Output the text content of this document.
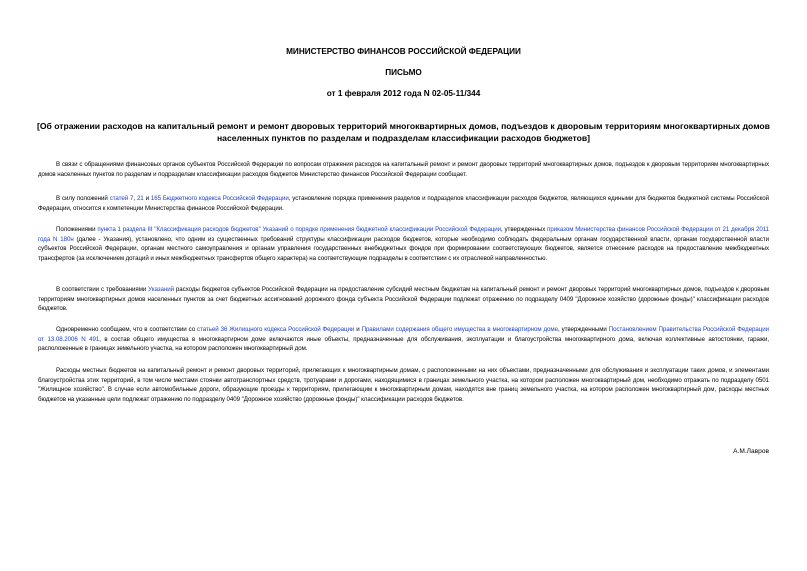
МИНИСТЕРСТВО ФИНАНСОВ РОССИЙСКОЙ ФЕДЕРАЦИИ
ПИСЬМО
от 1 февраля 2012 года N 02-05-11/344

[Об отражении расходов на капитальный ремонт и ремонт дворовых территорий многоквартирных домов, подъездов к дворовым территориям многоквартирных домов населенных пунктов по разделам и подразделам классификации расходов бюджетов]

В связи с обращениями финансовых органов субъектов Российской Федерации по вопросам отражения расходов на капитальный ремонт и ремонт дворовых территорий многоквартирных домов, подъездов к дворовым территориям многоквартирных домов населенных пунктов по разделам и подразделам классификации расходов бюджетов Министерство финансов Российской Федерации сообщает.

В силу положений статей 7, 21 и 165 Бюджетного кодекса Российской Федерации, установление порядка применения разделов и подразделов классификации расходов бюджетов, являющихся едиными для бюджетов бюджетной системы Российской Федерации, относится к компетенции Министерства финансов Российской Федерации.

Положениями пункта 1 раздела III "Классификация расходов бюджетов" Указаний о порядке применения бюджетной классификации Российской Федерации, утвержденных приказом Министерства финансов Российской Федерации от 21 декабря 2011 года N 180н (далее - Указания), установлено, что одним из существенных требований структуры классификации расходов бюджетов, которые необходимо соблюдать федеральным органам государственной власти, органам государственной власти субъектов Российской Федерации, органам местного самоуправления и органам управления государственных внебюджетных фондов при формировании соответствующих бюджетов, является отнесение расходов на предоставление межбюджетных трансфертов (за исключением дотаций и иных межбюджетных трансфертов общего характера) на соответствующие подразделы в соответствии с их отраслевой направленностью.

В соответствии с требованиями Указаний расходы бюджетов субъектов Российской Федерации на предоставление субсидий местным бюджетам на капитальный ремонт и ремонт дворовых территорий многоквартирных домов, подъездов к дворовым территориям многоквартирных домов населенных пунктов за счет бюджетных ассигнований дорожного фонда субъекта Российской Федерации подлежат отражению по подразделу 0409 "Дорожное хозяйство (дорожные фонды)" классификации расходов бюджетов.

Одновременно сообщаем, что в соответствии со статьей 36 Жилищного кодекса Российской Федерации и Правилами содержания общего имущества в многоквартирном доме, утвержденными Постановлением Правительства Российской Федерации от 13.08.2006 N 491, в состав общего имущества в многоквартирном доме включаются иные объекты, предназначенные для обслуживания, эксплуатации и благоустройства многоквартирного дома, включая коллективные автостоянки, гаражи, расположенные в границах земельного участка, на котором расположен многоквартирный дом.

Расходы местных бюджетов на капитальный ремонт и ремонт дворовых территорий, прилегающих к многоквартирным домам, с расположенными на них объектами, предназначенными для обслуживания и эксплуатации таких домов, и элементами благоустройства этих территорий, в том числе местами стоянки автотранспортных средств, тротуарами и дорогами, находящимися в границах земельного участка, на котором расположен многоквартирный дом, необходимо отражать по подразделу 0501 "Жилищное хозяйство". В случае если автомобильные дороги, образующие проезды к территориям, прилегающим к многоквартирным домам, находятся вне границ земельного участка, на котором расположен многоквартирный дом, расходы местных бюджетов на указанные цели подлежат отражению по подразделу 0409 "Дорожное хозяйство (дорожные фонды)" классификации расходов бюджетов.

А.М.Лавров
